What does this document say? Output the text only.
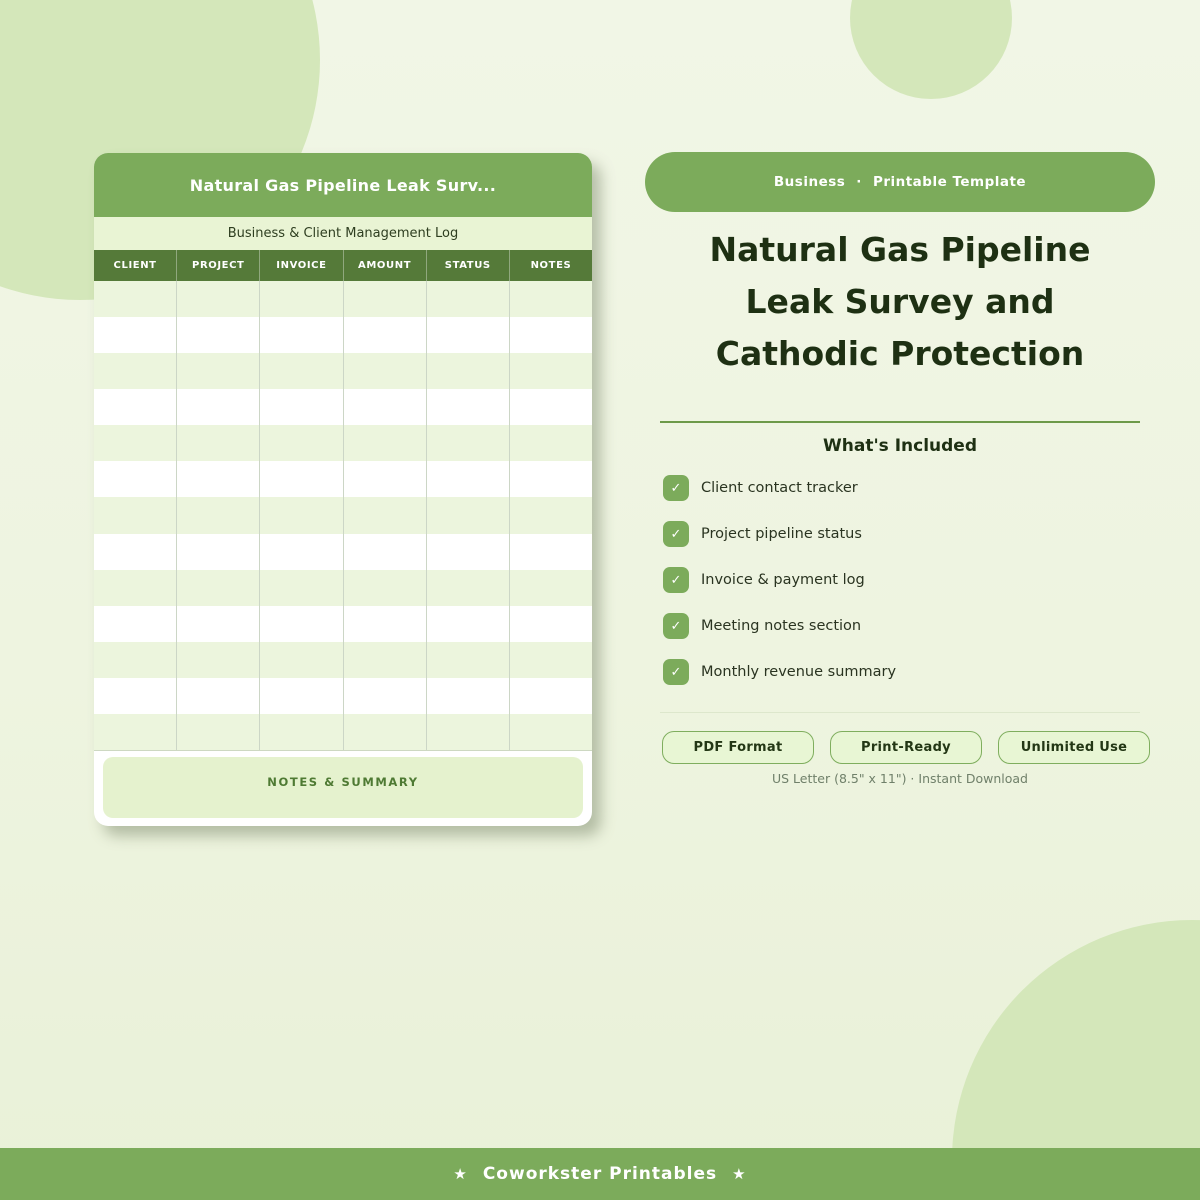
Natural Gas Pipeline Leak Surv...
Business & Client Management Log
CLIENT	PROJECT	INVOICE	AMOUNT	STATUS	NOTES
NOTES & SUMMARY
Business · Printable Template
Natural Gas Pipeline Leak Survey and Cathodic Protection
What's Included
✓	Client contact tracker
✓	Project pipeline status
✓	Invoice & payment log
✓	Meeting notes section
✓	Monthly revenue summary
PDF Format	Print-Ready	Unlimited Use
US Letter (8.5" x 11") · Instant Download
★ Coworkster Printables ★
